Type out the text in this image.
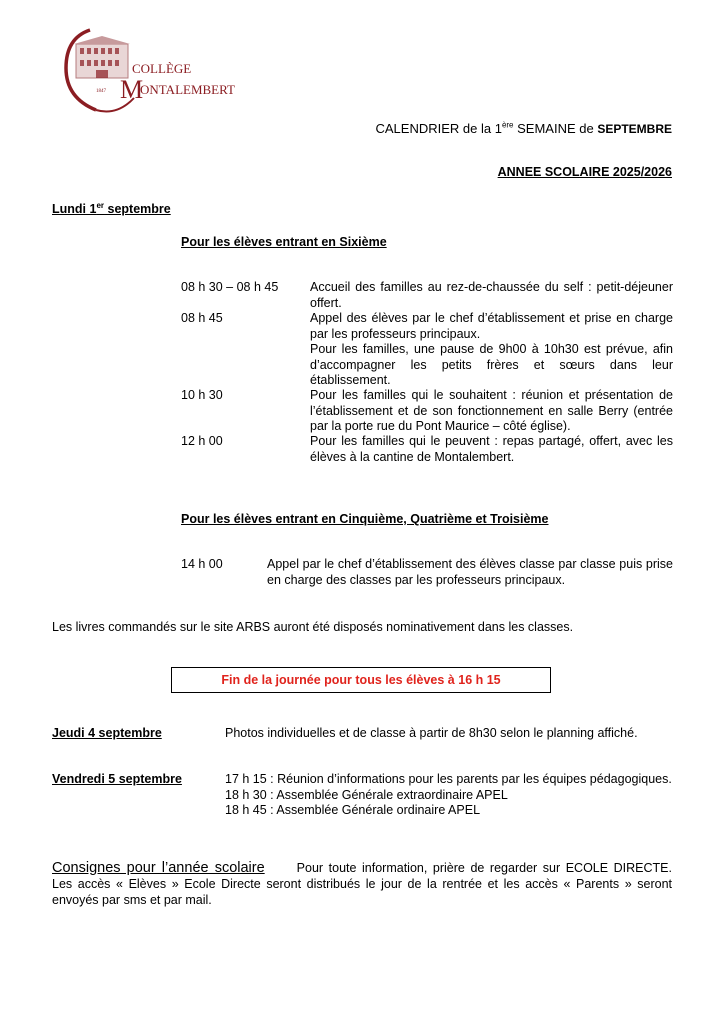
COLLÈGE
M
ONTALEMBERT
1847
CALENDRIER de la 1ère SEMAINE de SEPTEMBRE
ANNEE SCOLAIRE 2025/2026
Lundi 1er septembre
Pour les élèves entrant en Sixième
08 h 30 – 08 h 45	Accueil des familles au rez-de-chaussée du self : petit-déjeuner offert.
08 h 45	Appel des élèves par le chef d’établissement et prise en charge par les professeurs principaux.
Pour les familles, une pause de 9h00 à 10h30 est prévue, afin d’accompagner les petits frères et sœurs dans leur établissement.
10 h 30	Pour les familles qui le souhaitent : réunion et présentation de l’établissement et de son fonctionnement en salle Berry (entrée par la porte rue du Pont Maurice – côté église).
12 h 00	Pour les familles qui le peuvent : repas partagé, offert, avec les élèves à la cantine de Montalembert.
Pour les élèves entrant en Cinquième, Quatrième et Troisième
14 h 00	Appel par le chef d’établissement des élèves classe par classe puis prise en charge des classes par les professeurs principaux.
Les livres commandés sur le site ARBS auront été disposés nominativement dans les classes.
Fin de la journée pour tous les élèves à 16 h 15
Jeudi 4 septembre	Photos individuelles et de classe à partir de 8h30 selon le planning affiché.
Vendredi 5 septembre	17 h 15 : Réunion d’informations pour les parents par les équipes pédagogiques.
18 h 30 : Assemblée Générale extraordinaire APEL
18 h 45 : Assemblée Générale ordinaire APEL
Consignes pour l’année scolaire	Pour toute information, prière de regarder sur ECOLE DIRECTE. Les accès « Elèves » Ecole Directe seront distribués le jour de la rentrée et les accès « Parents » seront envoyés par sms et par mail.
